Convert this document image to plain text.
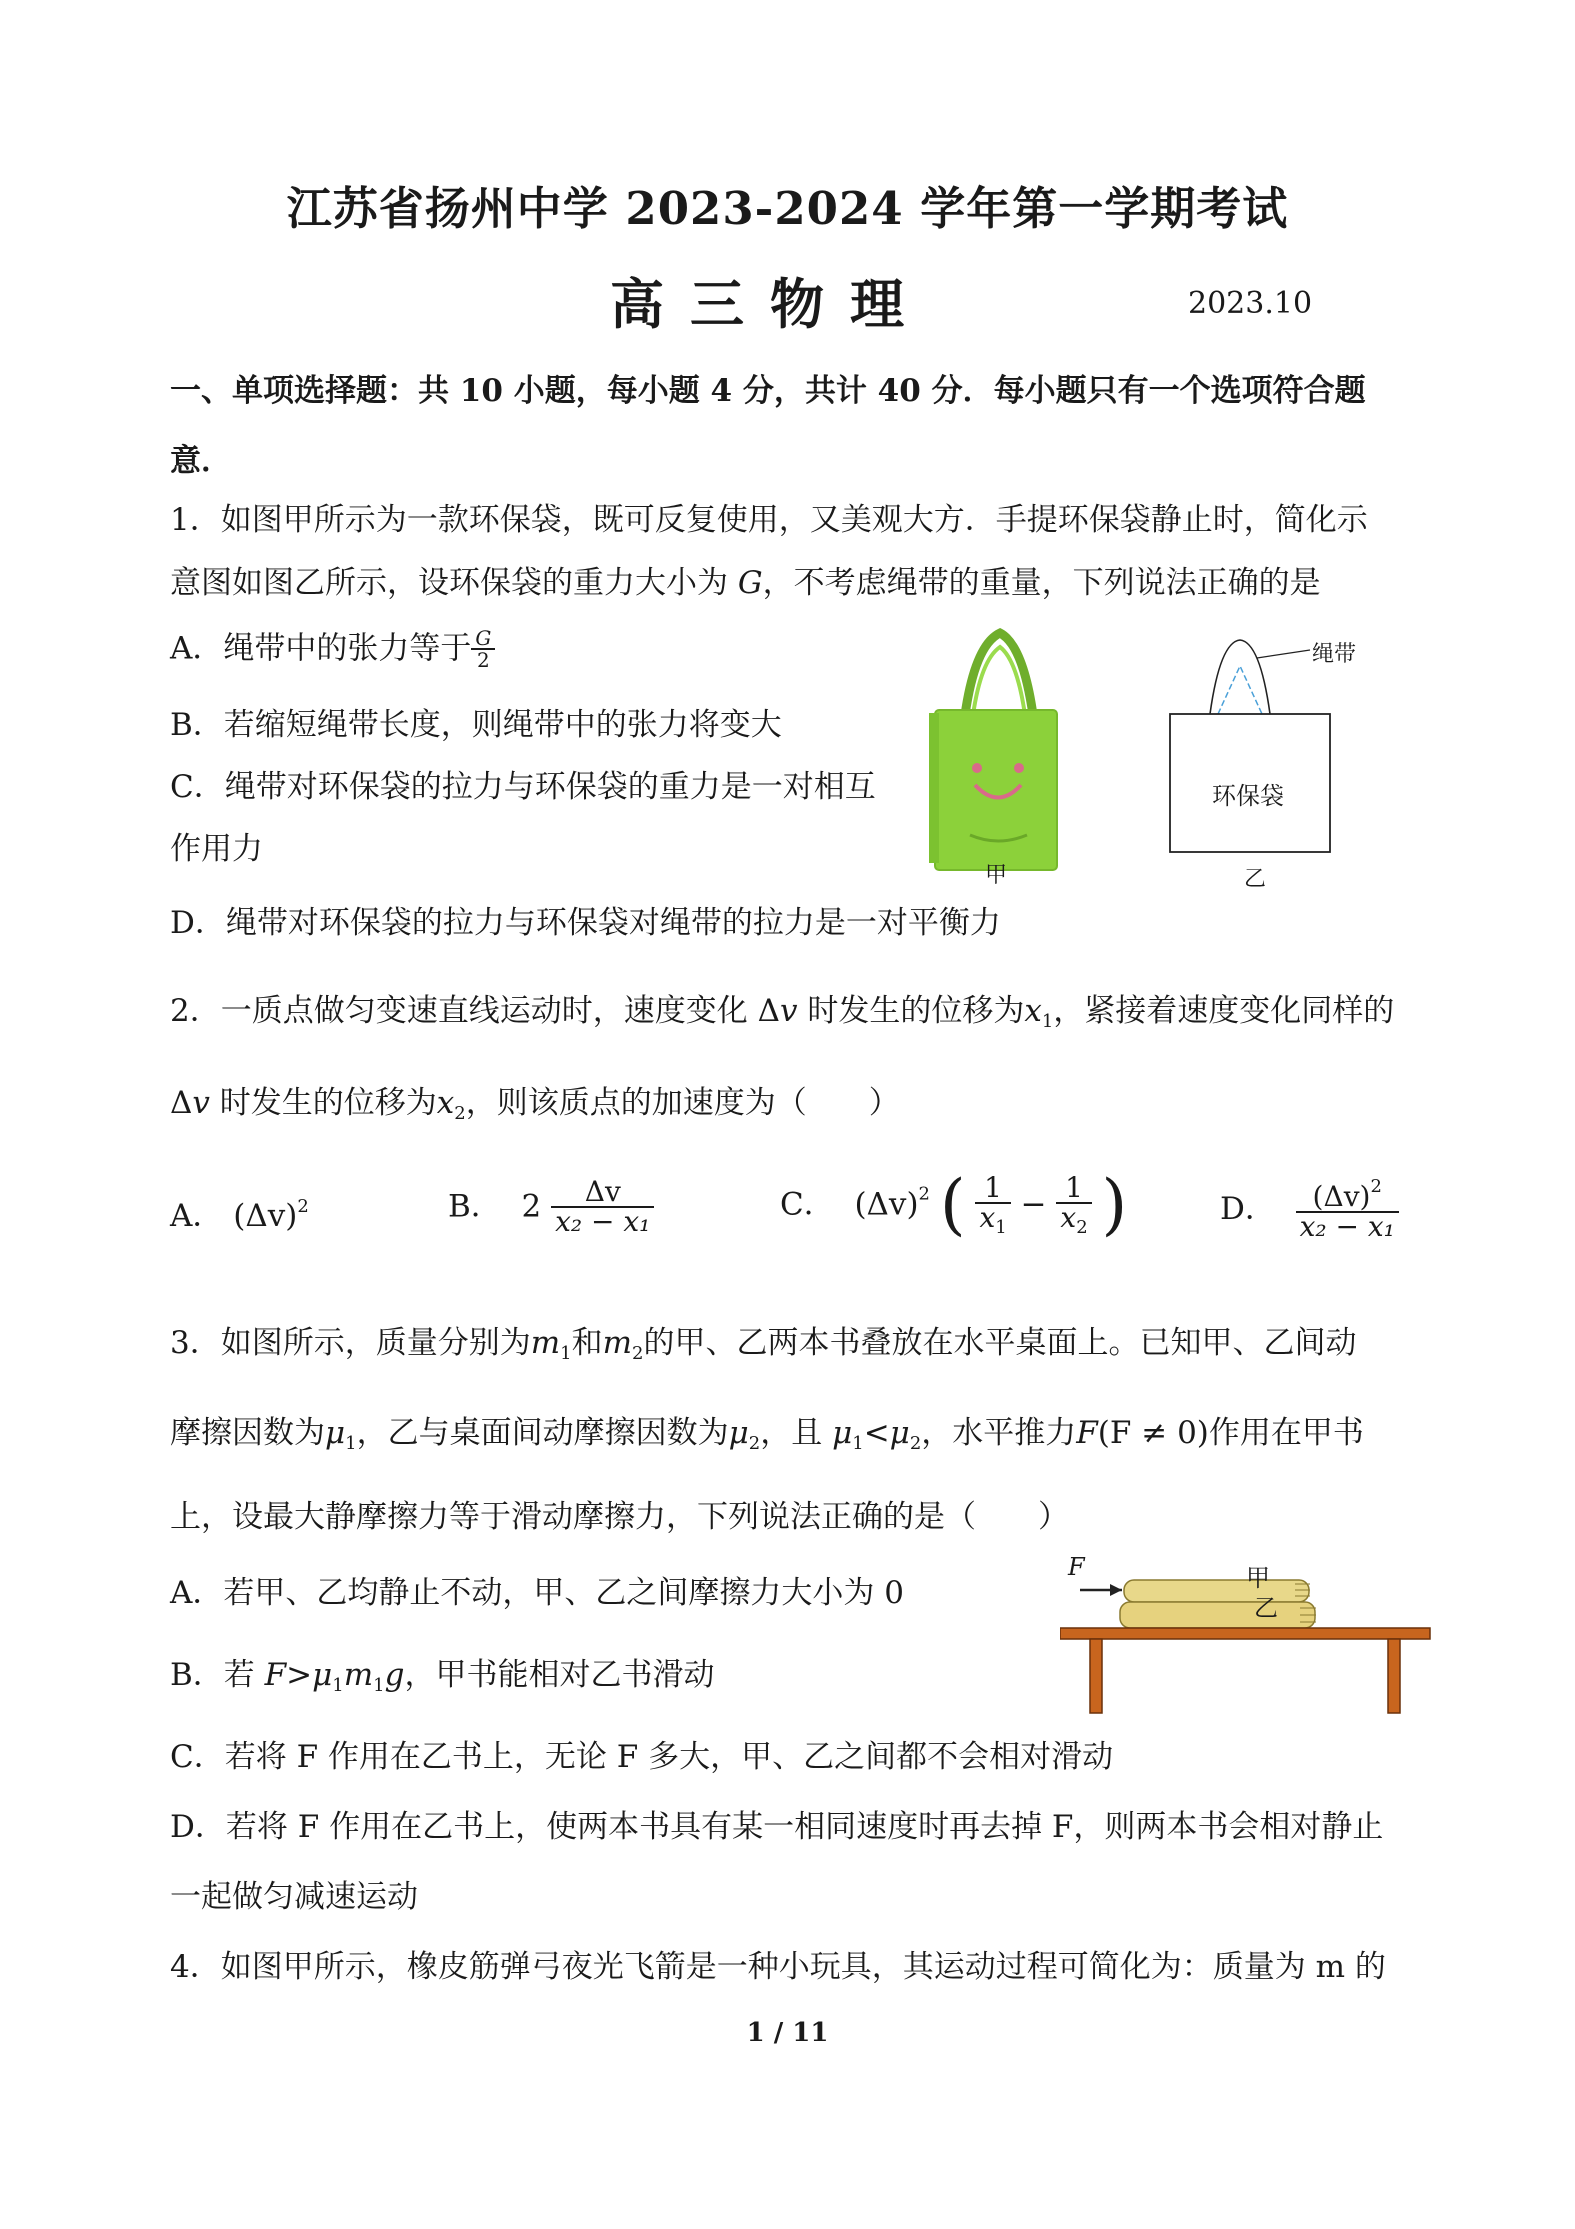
江苏省扬州中学 2023-2024 学年第一学期考试
高三物理	2023.10
一、单项选择题：共 10 小题，每小题 4 分，共计 40 分．每小题只有一个选项符合题
意．
1．如图甲所示为一款环保袋，既可反复使用，又美观大方．手提环保袋静止时，简化示
意图如图乙所示，设环保袋的重力大小为 G，不考虑绳带的重量，下列说法正确的是
A．绳带中的张力等于 $\frac{G}{2}$
B．若缩短绳带长度，则绳带中的张力将变大
C．绳带对环保袋的拉力与环保袋的重力是一对相互
作用力
D．绳带对环保袋的拉力与环保袋对绳带的拉力是一对平衡力
甲
绳带
环保袋
乙
2．一质点做匀变速直线运动时，速度变化 Δv 时发生的位移为$x_1$，紧接着速度变化同样的
Δv 时发生的位移为$x_2$，则该质点的加速度为（　　）
A． $(\Delta v)^2$	B． $2 \frac{\Delta v}{\text{x₂ − x₁}}$	C． $(\Delta v)^2$ ( $\frac{1}{x_1} - \frac{1}{x_2}$ )	D． $\frac{(\Delta v)^2}{\text{x₂ − x₁}}$
3．如图所示，质量分别为$m_1$和$m_2$的甲、乙两本书叠放在水平桌面上。已知甲、乙间动
摩擦因数为$\mu_1$，乙与桌面间动摩擦因数为$\mu_2$，且 $\mu_1<\mu_2$，水平推力F(F ≠ 0)作用在甲书
上，设最大静摩擦力等于滑动摩擦力，下列说法正确的是（　　）
A．若甲、乙均静止不动，甲、乙之间摩擦力大小为 0
B．若 $F>\mu_1m_1g$，甲书能相对乙书滑动
C．若将 F 作用在乙书上，无论 F 多大，甲、乙之间都不会相对滑动
D．若将 F 作用在乙书上，使两本书具有某一相同速度时再去掉 F，则两本书会相对静止
一起做匀减速运动
F	甲
乙
4．如图甲所示，橡皮筋弹弓夜光飞箭是一种小玩具，其运动过程可简化为：质量为 m 的
1 / 11
